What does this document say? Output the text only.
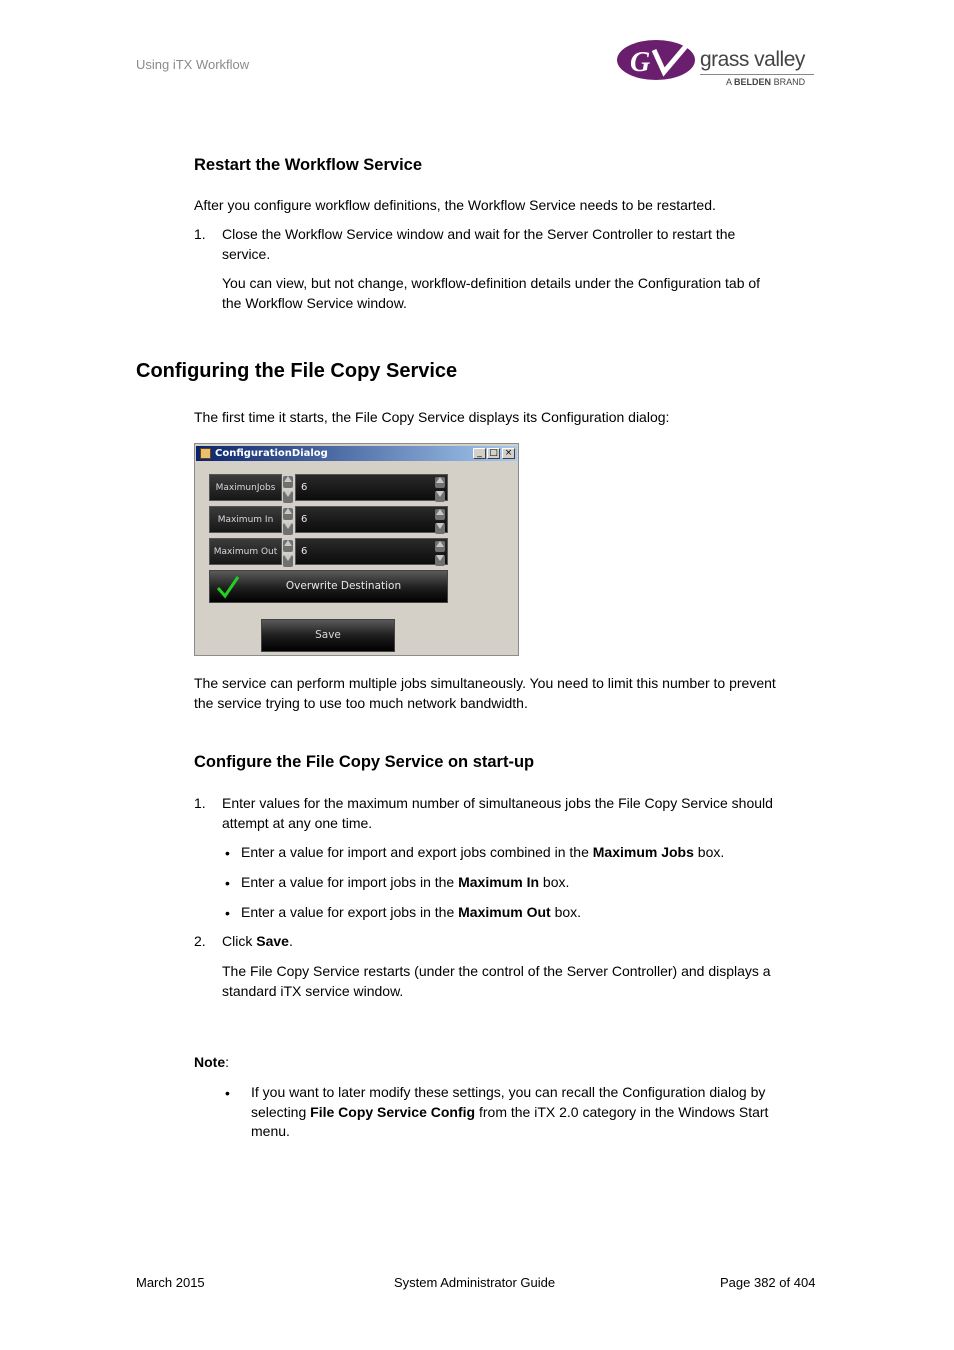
Using iTX Workflow	G grass valley
A BELDEN BRAND
Restart the Workflow Service
After you configure workflow definitions, the Workflow Service needs to be restarted.
1. Close the Workflow Service window and wait for the Server Controller to restart the
service.
You can view, but not change, workflow-definition details under the Configuration tab of
the Workflow Service window.
Configuring the File Copy Service
The first time it starts, the File Copy Service displays its Configuration dialog:
ConfigurationDialog	_ □ ×
MaximunJobs	6
Maximum In	6
Maximum Out	6
Overwrite Destination
Save
The service can perform multiple jobs simultaneously. You need to limit this number to prevent
the service trying to use too much network bandwidth.
Configure the File Copy Service on start-up
1. Enter values for the maximum number of simultaneous jobs the File Copy Service should
attempt at any one time.
• Enter a value for import and export jobs combined in the Maximum Jobs box.
• Enter a value for import jobs in the Maximum In box.
• Enter a value for export jobs in the Maximum Out box.
2. Click Save.
The File Copy Service restarts (under the control of the Server Controller) and displays a
standard iTX service window.
Note:
• If you want to later modify these settings, you can recall the Configuration dialog by
selecting File Copy Service Config from the iTX 2.0 category in the Windows Start
menu.
March 2015	System Administrator Guide	Page 382 of 404
